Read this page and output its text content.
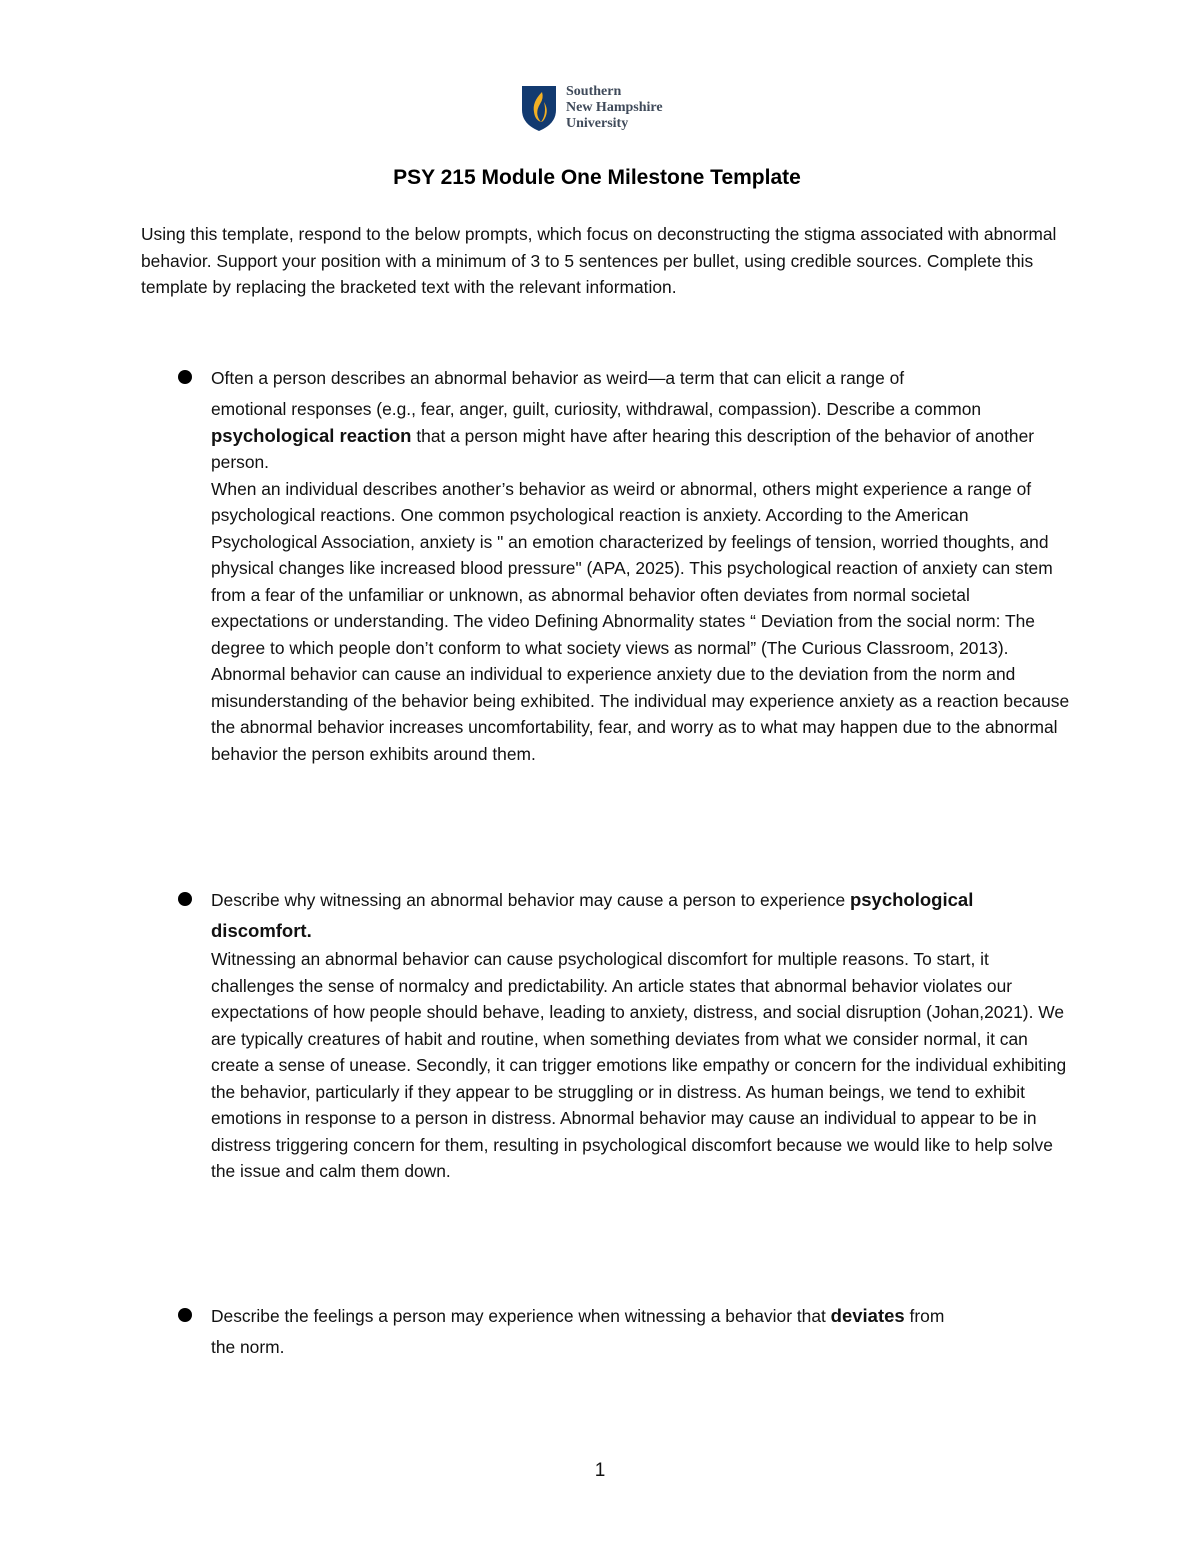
Southern
New Hampshire
University
PSY 215 Module One Milestone Template
Using this template, respond to the below prompts, which focus on deconstructing the stigma associated with abnormal behavior. Support your position with a minimum of 3 to 5 sentences per bullet, using credible sources. Complete this template by replacing the bracketed text with the relevant information.
Often a person describes an abnormal behavior as weird—a term that can elicit a range of
emotional responses (e.g., fear, anger, guilt, curiosity, withdrawal, compassion). Describe a common psychological reaction that a person might have after hearing this description of the behavior of another person.
When an individual describes another’s behavior as weird or abnormal, others might experience a range of psychological reactions. One common psychological reaction is anxiety. According to the American Psychological Association, anxiety is " an emotion characterized by feelings of tension, worried thoughts, and physical changes like increased blood pressure" (APA, 2025). This psychological reaction of anxiety can stem from a fear of the unfamiliar or unknown, as abnormal behavior often deviates from normal societal expectations or understanding. The video Defining Abnormality states “ Deviation from the social norm: The degree to which people don’t conform to what society views as normal” (The Curious Classroom, 2013). Abnormal behavior can cause an individual to experience anxiety due to the deviation from the norm and misunderstanding of the behavior being exhibited. The individual may experience anxiety as a reaction because the abnormal behavior increases uncomfortability, fear, and worry as to what may happen due to the abnormal behavior the person exhibits around them.
Describe why witnessing an abnormal behavior may cause a person to experience psychological
discomfort.
Witnessing an abnormal behavior can cause psychological discomfort for multiple reasons. To start, it challenges the sense of normalcy and predictability. An article states that abnormal behavior violates our expectations of how people should behave, leading to anxiety, distress, and social disruption (Johan,2021). We are typically creatures of habit and routine, when something deviates from what we consider normal, it can create a sense of unease. Secondly, it can trigger emotions like empathy or concern for the individual exhibiting the behavior, particularly if they appear to be struggling or in distress. As human beings, we tend to exhibit emotions in response to a person in distress. Abnormal behavior may cause an individual to appear to be in distress triggering concern for them, resulting in psychological discomfort because we would like to help solve the issue and calm them down.
Describe the feelings a person may experience when witnessing a behavior that deviates from
the norm.
1
